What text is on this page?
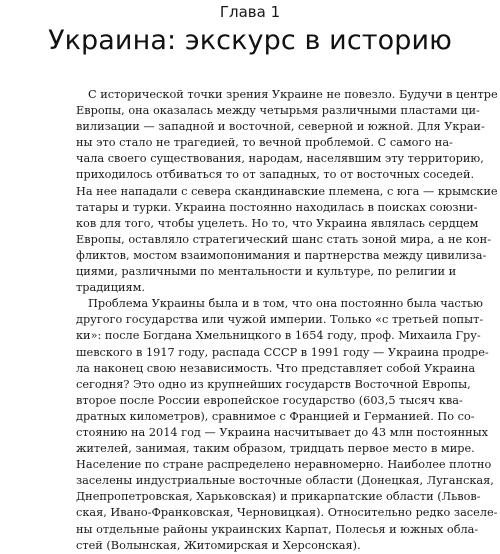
Глава 1
Украина: экскурс в историю
С исторической точки зрения Украине не повезло. Будучи в центре
Европы, она оказалась между четырьмя различными пластами ци-
вилизации — западной и восточной, северной и южной. Для Украи-
ны это стало не трагедией, то вечной проблемой. С самого на-
чала своего существования, народам, населявшим эту территорию,
приходилось отбиваться то от западных, то от восточных соседей.
На нее нападали с севера скандинавские племена, с юга — крымские
татары и турки. Украина постоянно находилась в поисках союзни-
ков для того, чтобы уцелеть. Но то, что Украина являлась сердцем
Европы, оставляло стратегический шанс стать зоной мира, а не кон-
фликтов, мостом взаимопонимания и партнерства между цивилиза-
циями, различными по ментальности и культуре, по религии и
традициям.
Проблема Украины была и в том, что она постоянно была частью
другого государства или чужой империи. Только «с третьей попыт-
ки»: после Богдана Хмельницкого в 1654 году, проф. Михаила Гру-
шевского в 1917 году, распада СССР в 1991 году — Украина продре-
ла наконец свою независимость. Что представляет собой Украина
сегодня? Это одно из крупнейших государств Восточной Европы,
второе после России европейское государство (603,5 тысяч ква-
дратных километров), сравнимое с Францией и Германией. По со-
стоянию на 2014 год — Украина насчитывает до 43 млн постоянных
жителей, занимая, таким образом, тридцать первое место в мире.
Население по стране распределено неравномерно. Наиболее плотно
заселены индустриальные восточные области (Донецкая, Луганская,
Днепропетровская, Харьковская) и прикарпатские области (Львов-
ская, Ивано-Франковская, Черновицкая). Относительно редко заселе-
ны отдельные районы украинских Карпат, Полесья и южных обла-
стей (Волынская, Житомирская и Херсонская).
